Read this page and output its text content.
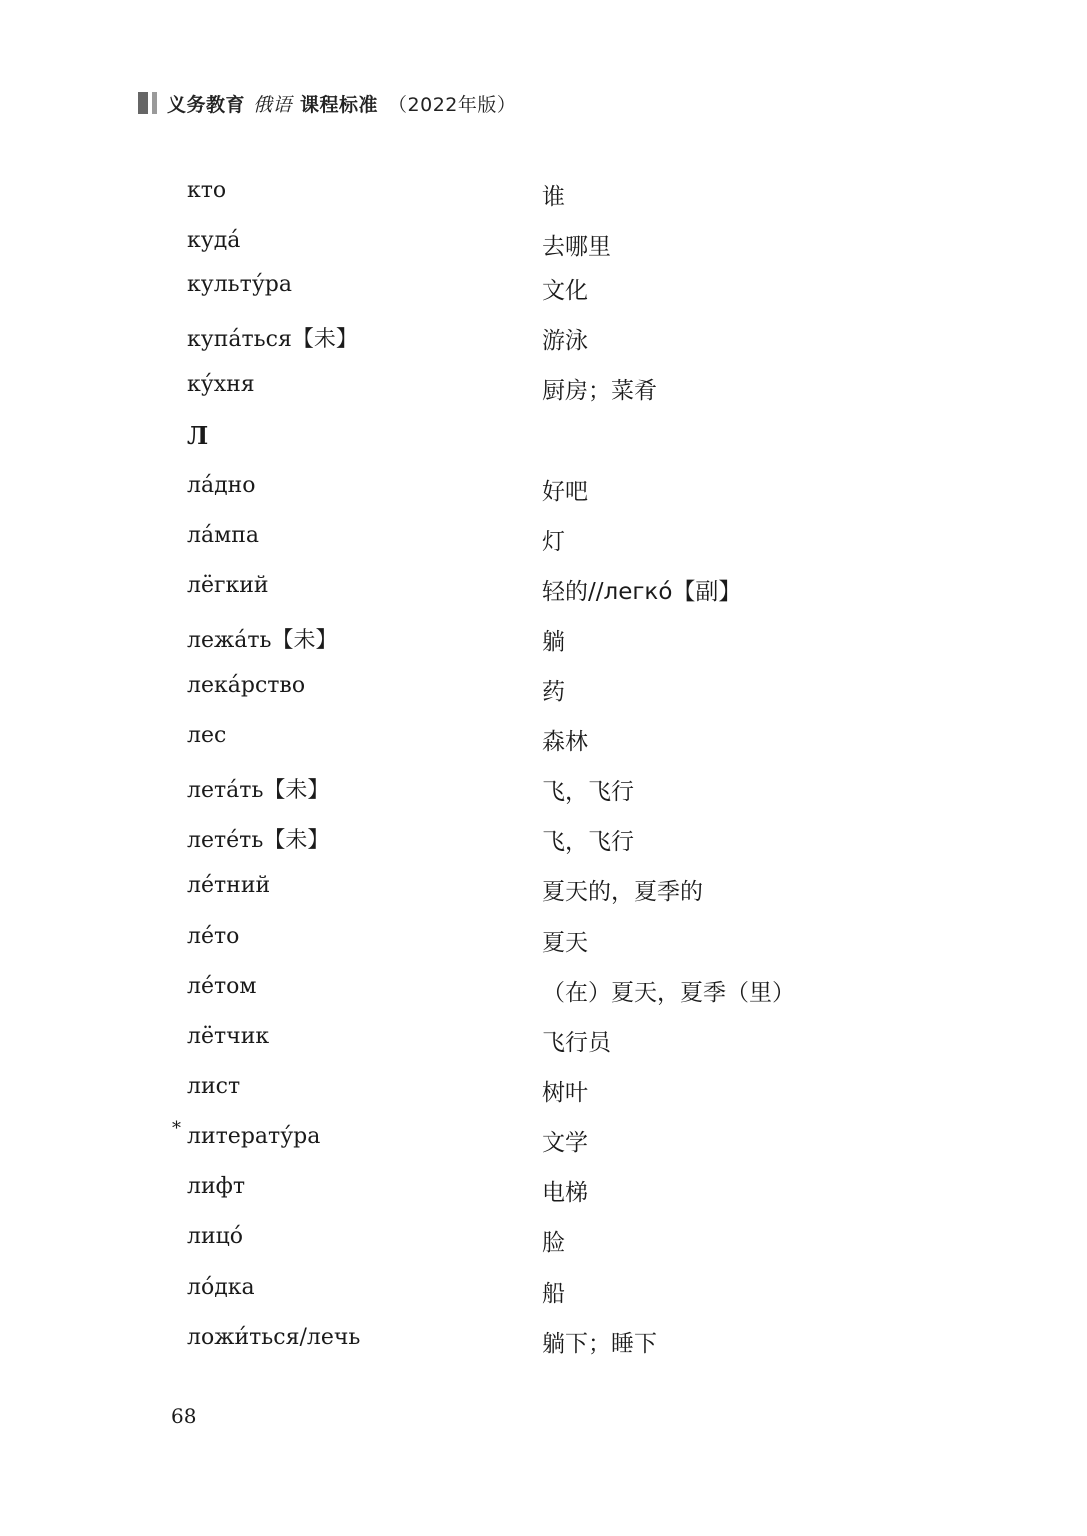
义务教育 俄语 课程标准 （2022年版）
кто	谁
куда́	去哪里
культу́ра	文化
купа́ться【未】	游泳
ку́хня	厨房；菜肴
Л
ла́дно	好吧
ла́мпа	灯
лёгкий	轻的//легко́【副】
лежа́ть【未】	躺
лека́рство	药
лес	森林
лета́ть【未】	飞，飞行
лете́ть【未】	飞，飞行
ле́тний	夏天的，夏季的
ле́то	夏天
ле́том	（在）夏天，夏季（里）
лётчик	飞行员
лист	树叶
* литерату́ра	文学
лифт	电梯
лицо́	脸
ло́дка	船
ложи́ться/лечь	躺下；睡下
68
